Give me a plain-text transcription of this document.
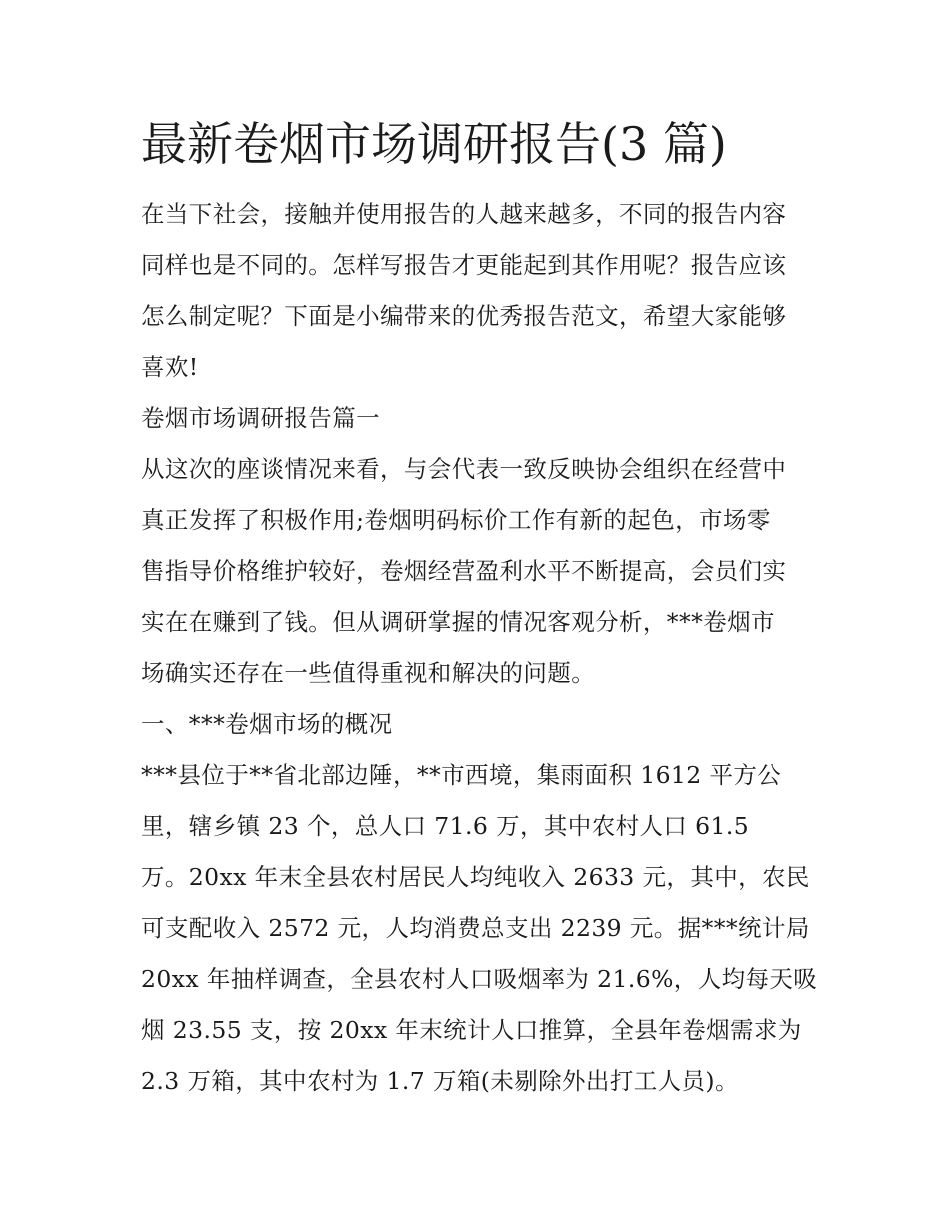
最新卷烟市场调研报告(3 篇)
在当下社会，接触并使用报告的人越来越多，不同的报告内容
同样也是不同的。怎样写报告才更能起到其作用呢？报告应该
怎么制定呢？下面是小编带来的优秀报告范文，希望大家能够
喜欢!
卷烟市场调研报告篇一
从这次的座谈情况来看，与会代表一致反映协会组织在经营中
真正发挥了积极作用;卷烟明码标价工作有新的起色，市场零
售指导价格维护较好，卷烟经营盈利水平不断提高，会员们实
实在在赚到了钱。但从调研掌握的情况客观分析，***卷烟市
场确实还存在一些值得重视和解决的问题。
一、***卷烟市场的概况
***县位于**省北部边陲，**市西境，集雨面积 1612 平方公
里，辖乡镇 23 个，总人口 71.6 万，其中农村人口 61.5
万。20xx 年末全县农村居民人均纯收入 2633 元，其中，农民
可支配收入 2572 元，人均消费总支出 2239 元。据***统计局
20xx 年抽样调查，全县农村人口吸烟率为 21.6%，人均每天吸
烟 23.55 支，按 20xx 年末统计人口推算，全县年卷烟需求为
2.3 万箱，其中农村为 1.7 万箱(未剔除外出打工人员)。
